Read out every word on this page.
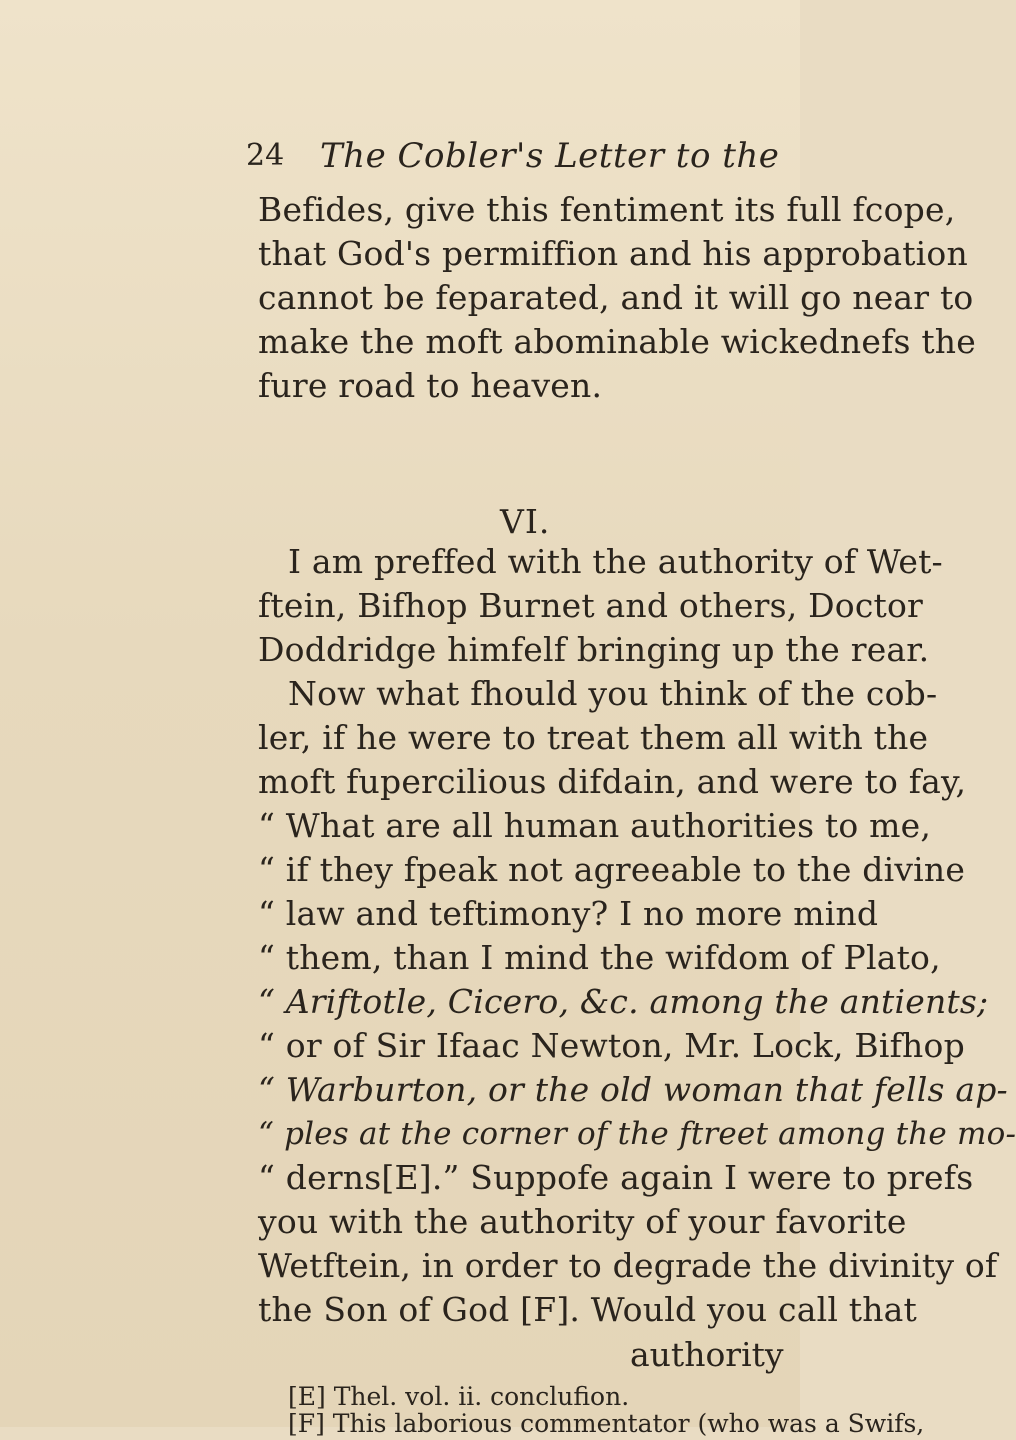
24	The Cobler's Letter to the
Befides, give this fentiment its full fcope,
that God's permiffion and his approbation
cannot be feparated, and it will go near to
make the moft abominable wickednefs the
fure road to heaven.
VI.
I am preffed with the authority of Wet-
ftein, Bifhop Burnet and others, Doctor
Doddridge himfelf bringing up the rear.
Now what fhould you think of the cob-
ler, if he were to treat them all with the
moft fupercilious difdain, and were to fay,
“ What are all human authorities to me,
“ if they fpeak not agreeable to the divine
“ law and teftimony? I no more mind
“ them, than I mind the wifdom of Plato,
“ Ariftotle, Cicero, &c. among the antients;
“ or of Sir Ifaac Newton, Mr. Lock, Bifhop
“ Warburton, or the old woman that fells ap-
“ ples at the corner of the ftreet among the mo-
“ derns[E].” Suppofe again I were to prefs
you with the authority of your favorite
Wetftein, in order to degrade the divinity of
the Son of God [F]. Would you call that
authority
[E] Thel. vol. ii. conclufion.
[F] This laborious commentator (who was a Swifs,
